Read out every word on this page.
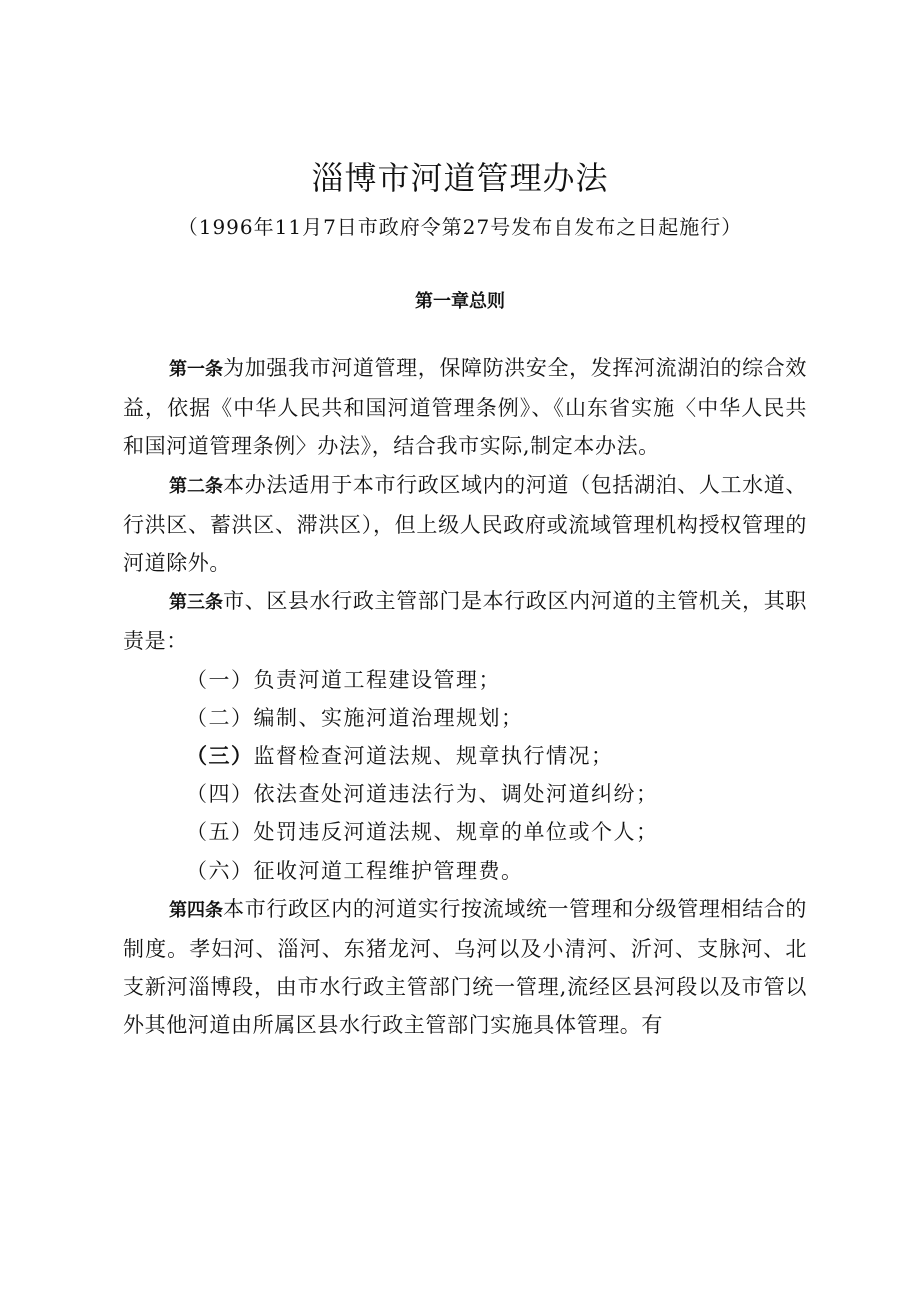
淄博市河道管理办法
（1996年11月7日市政府令第27号发布自发布之日起施行）
第一章总则

第一条为加强我市河道管理，保障防洪安全，发挥河流湖泊的综合效益，依据《中华人民共和国河道管理条例》、《山东省实施〈中华人民共和国河道管理条例〉办法》，结合我市实际,制定本办法。

第二条本办法适用于本市行政区域内的河道（包括湖泊、人工水道、行洪区、蓄洪区、滞洪区），但上级人民政府或流域管理机构授权管理的河道除外。

第三条市、区县水行政主管部门是本行政区内河道的主管机关，其职责是：

（一）负责河道工程建设管理；

（二）编制、实施河道治理规划；

（三）监督检查河道法规、规章执行情况；

（四）依法查处河道违法行为、调处河道纠纷；

（五）处罚违反河道法规、规章的单位或个人；

（六）征收河道工程维护管理费。

第四条本市行政区内的河道实行按流域统一管理和分级管理相结合的制度。孝妇河、淄河、东猪龙河、乌河以及小清河、沂河、支脉河、北支新河淄博段，由市水行政主管部门统一管理,流经区县河段以及市管以外其他河道由所属区县水行政主管部门实施具体管理。有
